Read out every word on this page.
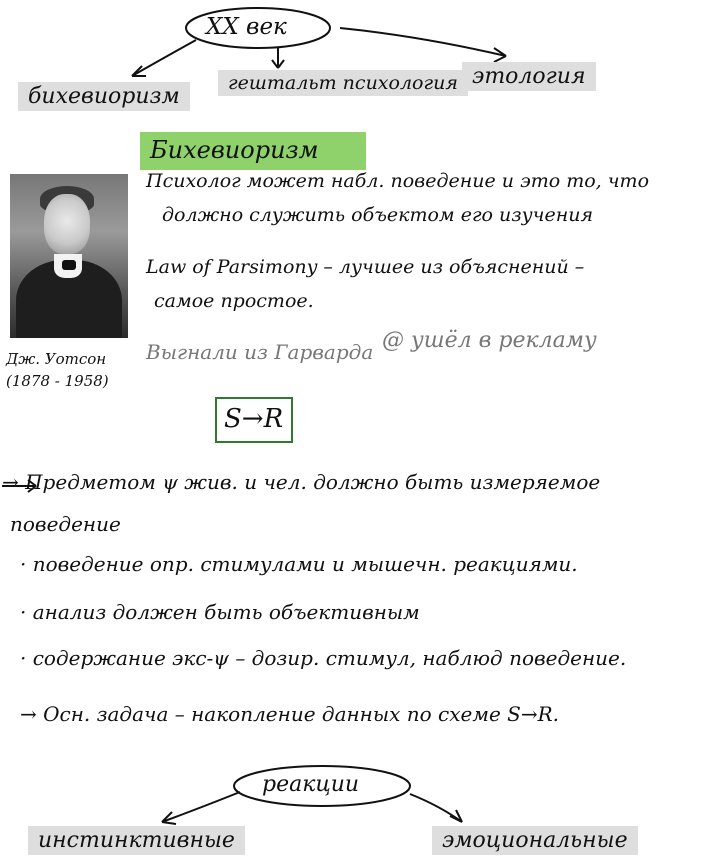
XX век
бихевиоризм
гештальт психология этология
Бихевиоризм
Дж. Уотсон
(1878 - 1958)
Психолог может набл. поведение и это то, что
должно служить объектом его изучения
Law of Parsimony – лучшее из объяснений –
самое простое.
Выгнали из Гарварда @ ушёл в рекламу
S→R
→ Предметом ψ жив. и чел. должно быть измеряемое
поведение
· поведение опр. стимулами и мышечн. реакциями.
· анализ должен быть объективным
· содержание экс-ψ – дозир. стимул, наблюд поведение.
→ Осн. задача – накопление данных по схеме S→R.
реакции
инстинктивные	эмоциональные
